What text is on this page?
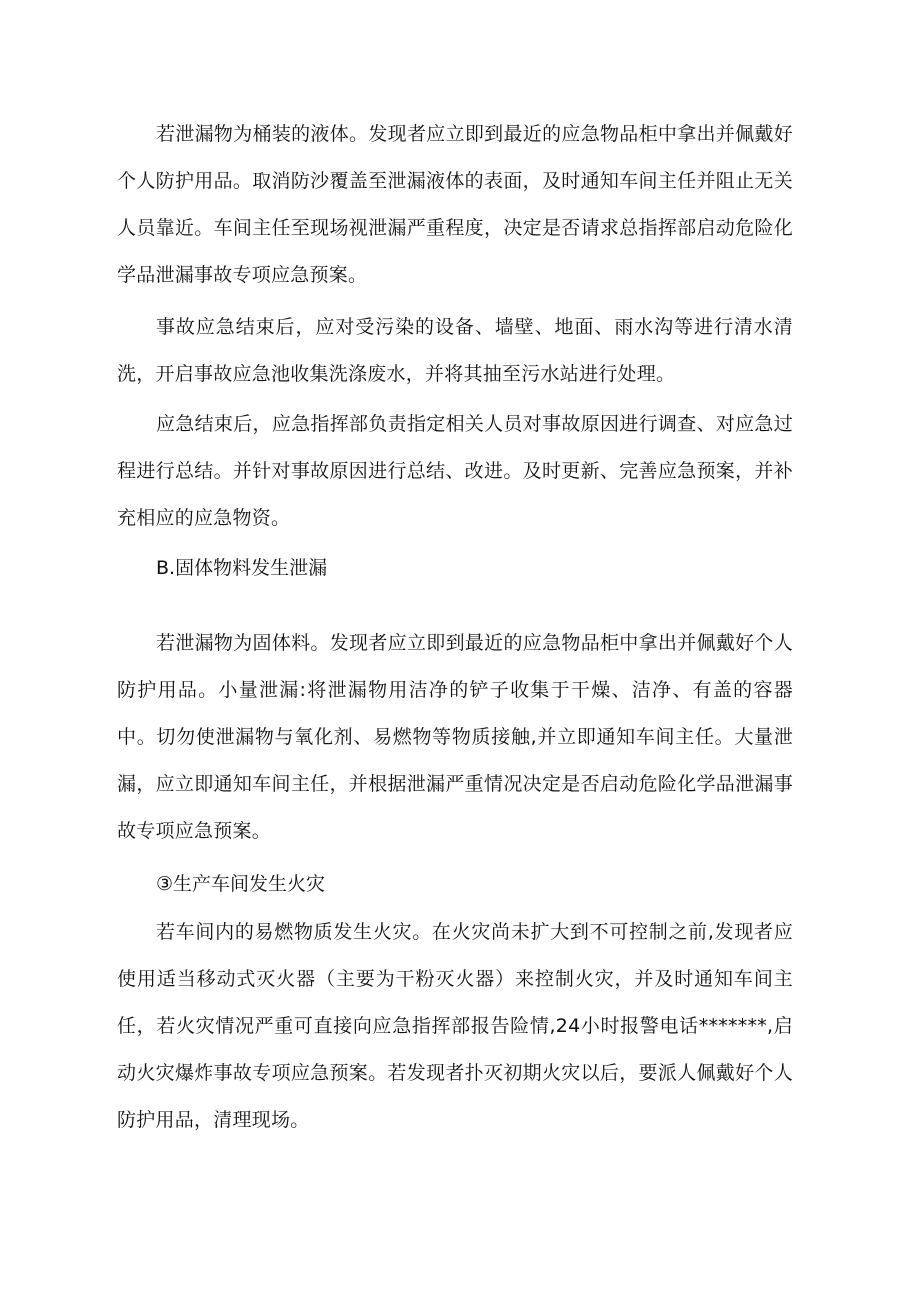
若泄漏物为桶装的液体。发现者应立即到最近的应急物品柜中拿出并佩戴好个人防护用品。取消防沙覆盖至泄漏液体的表面，及时通知车间主任并阻止无关人员靠近。车间主任至现场视泄漏严重程度，决定是否请求总指挥部启动危险化学品泄漏事故专项应急预案。

事故应急结束后，应对受污染的设备、墙壁、地面、雨水沟等进行清水清洗，开启事故应急池收集洗涤废水，并将其抽至污水站进行处理。

应急结束后，应急指挥部负责指定相关人员对事故原因进行调查、对应急过程进行总结。并针对事故原因进行总结、改进。及时更新、完善应急预案，并补充相应的应急物资。

B.固体物料发生泄漏

若泄漏物为固体料。发现者应立即到最近的应急物品柜中拿出并佩戴好个人防护用品。小量泄漏:将泄漏物用洁净的铲子收集于干燥、洁净、有盖的容器中。切勿使泄漏物与氧化剂、易燃物等物质接触,并立即通知车间主任。大量泄漏，应立即通知车间主任，并根据泄漏严重情况决定是否启动危险化学品泄漏事故专项应急预案。

③生产车间发生火灾

若车间内的易燃物质发生火灾。在火灾尚未扩大到不可控制之前,发现者应使用适当移动式灭火器（主要为干粉灭火器）来控制火灾，并及时通知车间主任，若火灾情况严重可直接向应急指挥部报告险情,24小时报警电话*******,启动火灾爆炸事故专项应急预案。若发现者扑灭初期火灾以后，要派人佩戴好个人防护用品，清理现场。
